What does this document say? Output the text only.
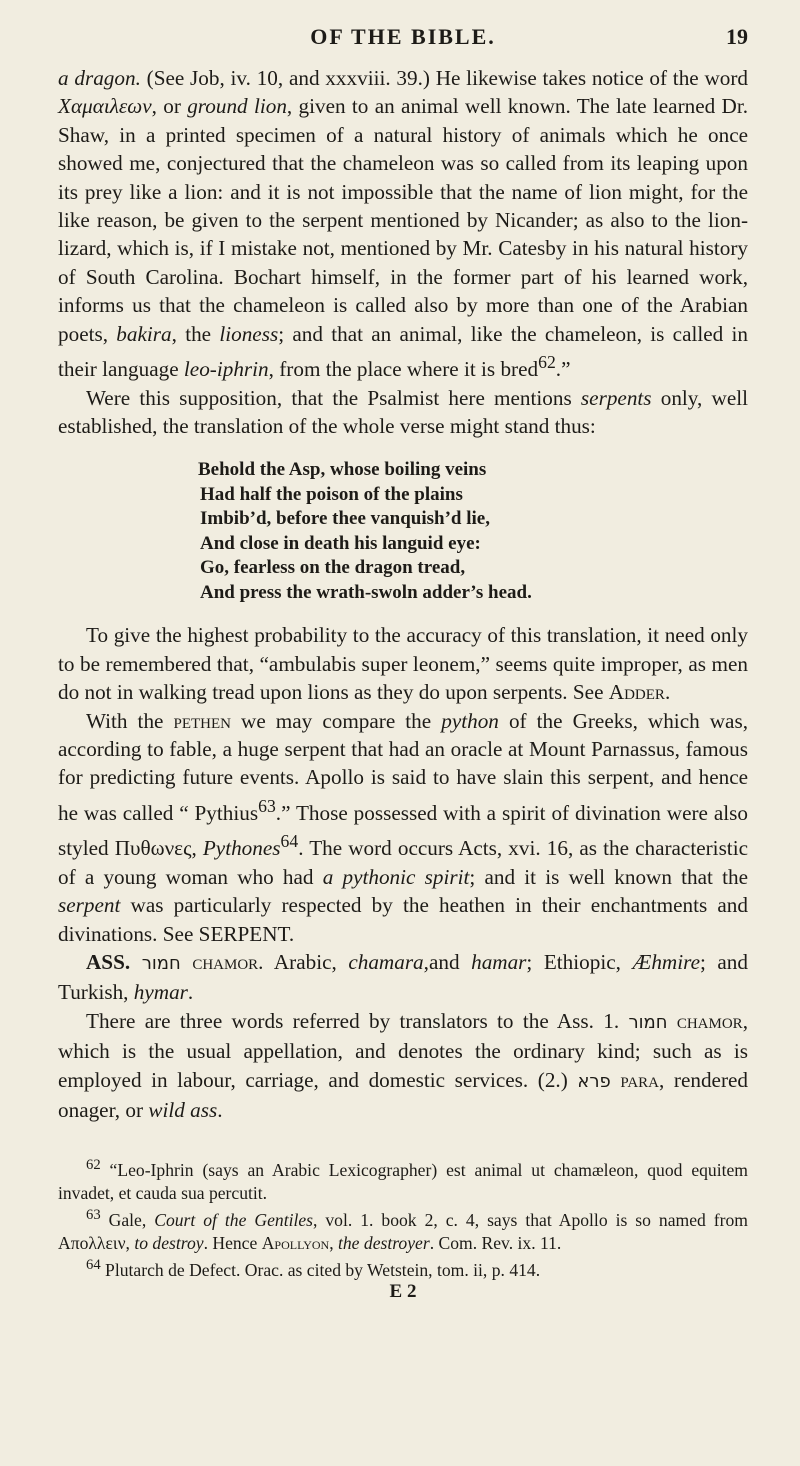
OF THE BIBLE.	19

a dragon. (See Job, iv. 10, and xxxviii. 39.) He likewise takes notice of the word Χαμαιλεων, or ground lion, given to an animal well known. The late learned Dr. Shaw, in a printed specimen of a natural history of animals which he once showed me, conjectured that the chameleon was so called from its leaping upon its prey like a lion: and it is not impossible that the name of lion might, for the like reason, be given to the serpent mentioned by Nicander; as also to the lion-lizard, which is, if I mistake not, mentioned by Mr. Catesby in his natural history of South Carolina. Bochart himself, in the former part of his learned work, informs us that the chameleon is called also by more than one of the Arabian poets, bakira, the lioness; and that an animal, like the chameleon, is called in their language leo-iphrin, from the place where it is bred$^{62}$.”

Were this supposition, that the Psalmist here mentions serpents only, well established, the translation of the whole verse might stand thus:

Behold the Asp, whose boiling veins
Had half the poison of the plains
Imbib’d, before thee vanquish’d lie,
And close in death his languid eye:
Go, fearless on the dragon tread,
And press the wrath-swoln adder’s head.

To give the highest probability to the accuracy of this translation, it need only to be remembered that, “ambulabis super leonem,” seems quite improper, as men do not in walking tread upon lions as they do upon serpents. See Adder.

With the pethen we may compare the python of the Greeks, which was, according to fable, a huge serpent that had an oracle at Mount Parnassus, famous for predicting future events. Apollo is said to have slain this serpent, and hence he was called “ Pythius$^{63}$.” Those possessed with a spirit of divination were also styled Πυθωνες, Pythones$^{64}$. The word occurs Acts, xvi. 16, as the characteristic of a young woman who had a pythonic spirit; and it is well known that the serpent was particularly respected by the heathen in their enchantments and divinations. See SERPENT.

ASS. חמור chamor. Arabic, chamara,and hamar; Ethiopic, Æhmire; and Turkish, hymar.

There are three words referred by translators to the Ass. 1. חמור chamor, which is the usual appellation, and denotes the ordinary kind; such as is employed in labour, carriage, and domestic services. (2.) פרא para, rendered onager, or wild ass.

$^{62}$ “Leo-Iphrin (says an Arabic Lexicographer) est animal ut chamæleon, quod equitem invadet, et cauda sua percutit.

$^{63}$ Gale, Court of the Gentiles, vol. 1. book 2, c. 4, says that Apollo is so named from Απολλειν, to destroy. Hence Apollyon, the destroyer. Com. Rev. ix. 11.

$^{64}$ Plutarch de Defect. Orac. as cited by Wetstein, tom. ii, p. 414.

E 2
